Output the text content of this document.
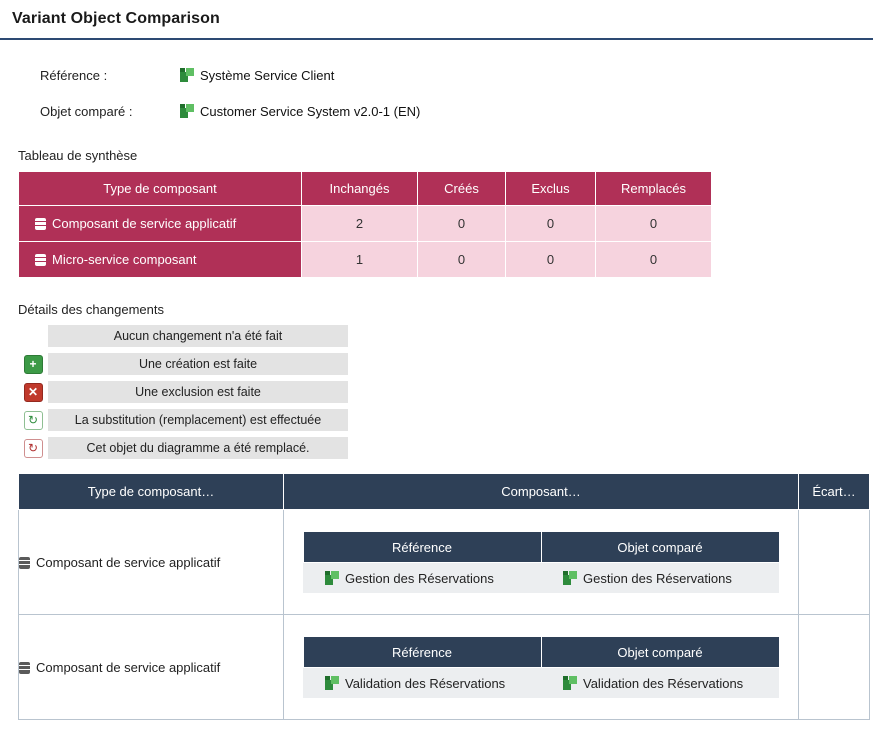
Variant Object Comparison
Référence :	Système Service Client
Objet comparé :	Customer Service System v2.0-1 (EN)
Tableau de synthèse
Type de composant	Inchangés	Créés	Exclus	Remplacés

Composant de service applicatif	2	0	0	0

Micro-service composant	1	0	0	0
Détails des changements
Aucun changement n'a été fait
+	Une création est faite
✕	Une exclusion est faite
↻	La substitution (remplacement) est effectuée
↻	Cet objet du diagramme a été remplacé.
Type de composant…	Composant…	Écart…

Composant de service applicatif	
Référence	Objet comparé

Gestion des Réservations	Gestion des Réservations

Composant de service applicatif	
Référence	Objet comparé

Validation des Réservations	Validation des Réservations
